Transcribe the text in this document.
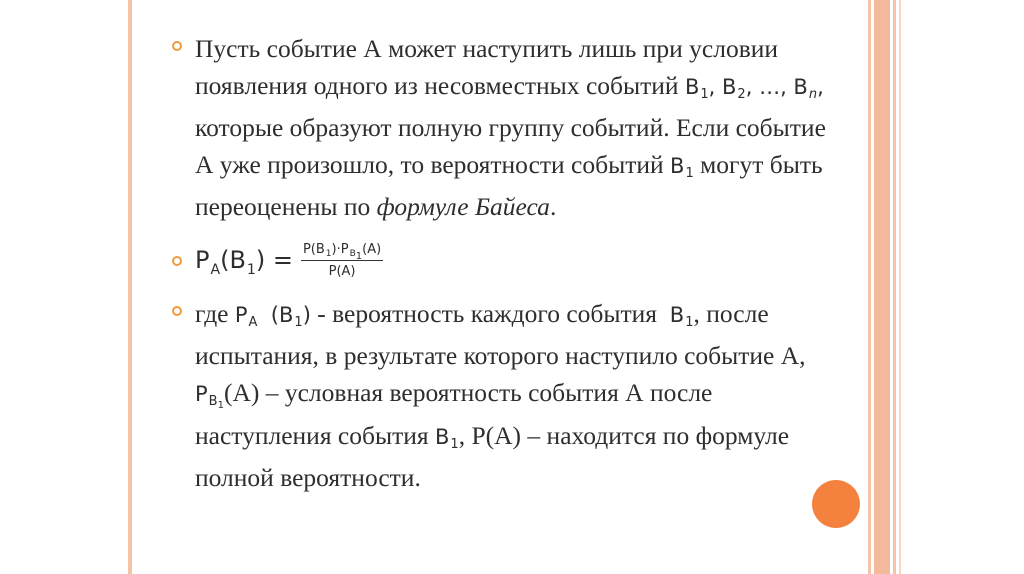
Пусть событие А может наступить лишь при условии
появления одного из несовместных событий B1, B2, …, Bn,
которые образуют полную группу событий. Если событие
А уже произошло, то вероятности событий B1 могут быть
переоценены по формуле Байеса.
$P_A(B_1) = \frac{P(B_1)\cdot P_{B1}(A)}{P(A)}$
где PA  (B1) - вероятность каждого события  B1, после
испытания, в результате которого наступило событие А,
$PB_1(A)$ – условная вероятность события А после
наступления события B1, P(A) – находится по формуле
полной вероятности.
